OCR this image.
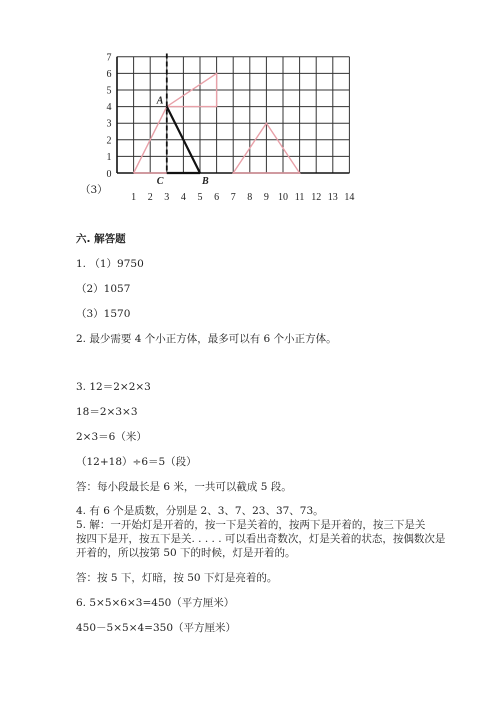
1
2
3
4
5
6
7
1 2 3 4 5 6 7 8 9 10 11 12 13 14
0
A
B
C
（3）
六. 解答题
1. （1）9750
（2）1057
（3）1570
2. 最少需要 4 个小正方体，最多可以有 6 个小正方体。
3. 12＝2×2×3
18＝2×3×3
2×3＝6（米）
（12+18）÷6＝5（段）
答：每小段最长是 6 米，一共可以截成 5 段。
4. 有 6 个是质数，分别是 2、3、7、23、37、73。
5. 解：一开始灯是开着的，按一下是关着的，按两下是开着的，按三下是关
按四下是开，按五下是关. . . . . 可以看出奇数次，灯是关着的状态，按偶数次是
开着的，所以按第 50 下的时候，灯是开着的。
答：按 5 下，灯暗，按 50 下灯是亮着的。
6. 5×5×6×3=450（平方厘米）
450－5×5×4=350（平方厘米）
